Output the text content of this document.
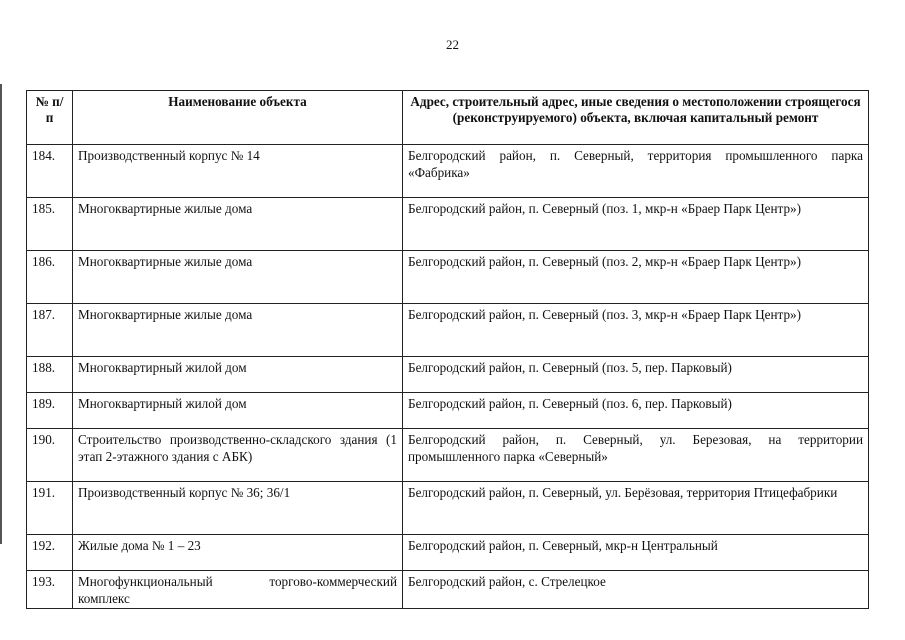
22
№ п/п	Наименование объекта	Адрес, строительный адрес, иные сведения о местоположении строящегося (реконструируемого) объекта, включая капитальный ремонт
184.	Производственный корпус № 14	Белгородский район, п. Северный, территория промышленного парка «Фабрика»
185.	Многоквартирные жилые дома	Белгородский район, п. Северный (поз. 1, мкр-н «Браер Парк Центр»)
186.	Многоквартирные жилые дома	Белгородский район, п. Северный (поз. 2, мкр-н «Браер Парк Центр»)
187.	Многоквартирные жилые дома	Белгородский район, п. Северный (поз. 3, мкр-н «Браер Парк Центр»)
188.	Многоквартирный жилой дом	Белгородский район, п. Северный (поз. 5, пер. Парковый)
189.	Многоквартирный жилой дом	Белгородский район, п. Северный (поз. 6, пер. Парковый)
190.	Строительство производственно-складского здания (1 этап 2-этажного здания с АБК)	Белгородский район, п. Северный, ул. Березовая, на территории промышленного парка «Северный»
191.	Производственный корпус № 36; 36/1	Белгородский район, п. Северный, ул. Берёзовая, территория Птицефабрики
192.	Жилые дома № 1 – 23	Белгородский район, п. Северный, мкр-н Центральный
193.	Многофункциональный торгово-коммерческий комплекс	Белгородский район, с. Стрелецкое
